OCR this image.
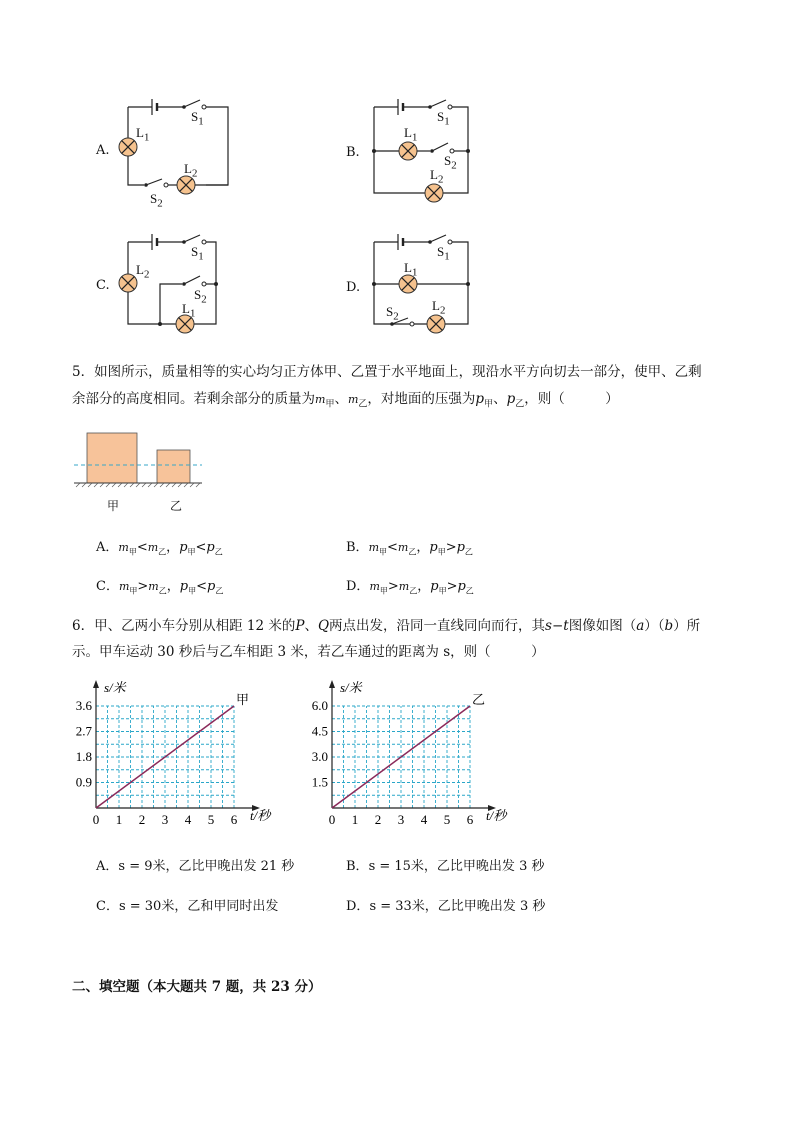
A.
$S_1$
$L_1$
$L_2$
$S_2$
B.
$S_1$
$L_1$
$S_2$
$L_2$
C.
$S_1$
$L_2$
$S_2$
$L_1$
D.
$S_1$
$L_1$
$S_2$
$L_2$
5．如图所示，质量相等的实心均匀正方体甲、乙置于水平地面上，现沿水平方向切去一部分，使甲、乙剩
余部分的高度相同。若剩余部分的质量为$m_甲$、$m_乙$，对地面的压强为$p_甲$、$p_乙$，则（　　　）
甲	乙
A．$m_甲<m_乙$，$p_甲<p_乙$	B．$m_甲<m_乙$，$p_甲>p_乙$
C．$m_甲>m_乙$，$p_甲<p_乙$	D．$m_甲>m_乙$，$p_甲>p_乙$
6．甲、乙两小车分别从相距 12 米的P、Q两点出发，沿同一直线同向而行，其s−t图像如图（a）（b）所
示。甲车运动 30 秒后与乙车相距 3 米，若乙车通过的距离为 s，则（　　　）
0 1 2 3 4 5 6
0.9
1.8
2.7
3.6
s/米
t/秒
甲
0 1 2 3 4 5 6
1.5
3.0
4.5
6.0
s/米
t/秒
乙
A．s = 9米，乙比甲晚出发 21 秒	B．s = 15米，乙比甲晚出发 3 秒
C．s = 30米，乙和甲同时出发	D．s = 33米，乙比甲晚出发 3 秒
二、填空题（本大题共 7 题，共 23 分）
